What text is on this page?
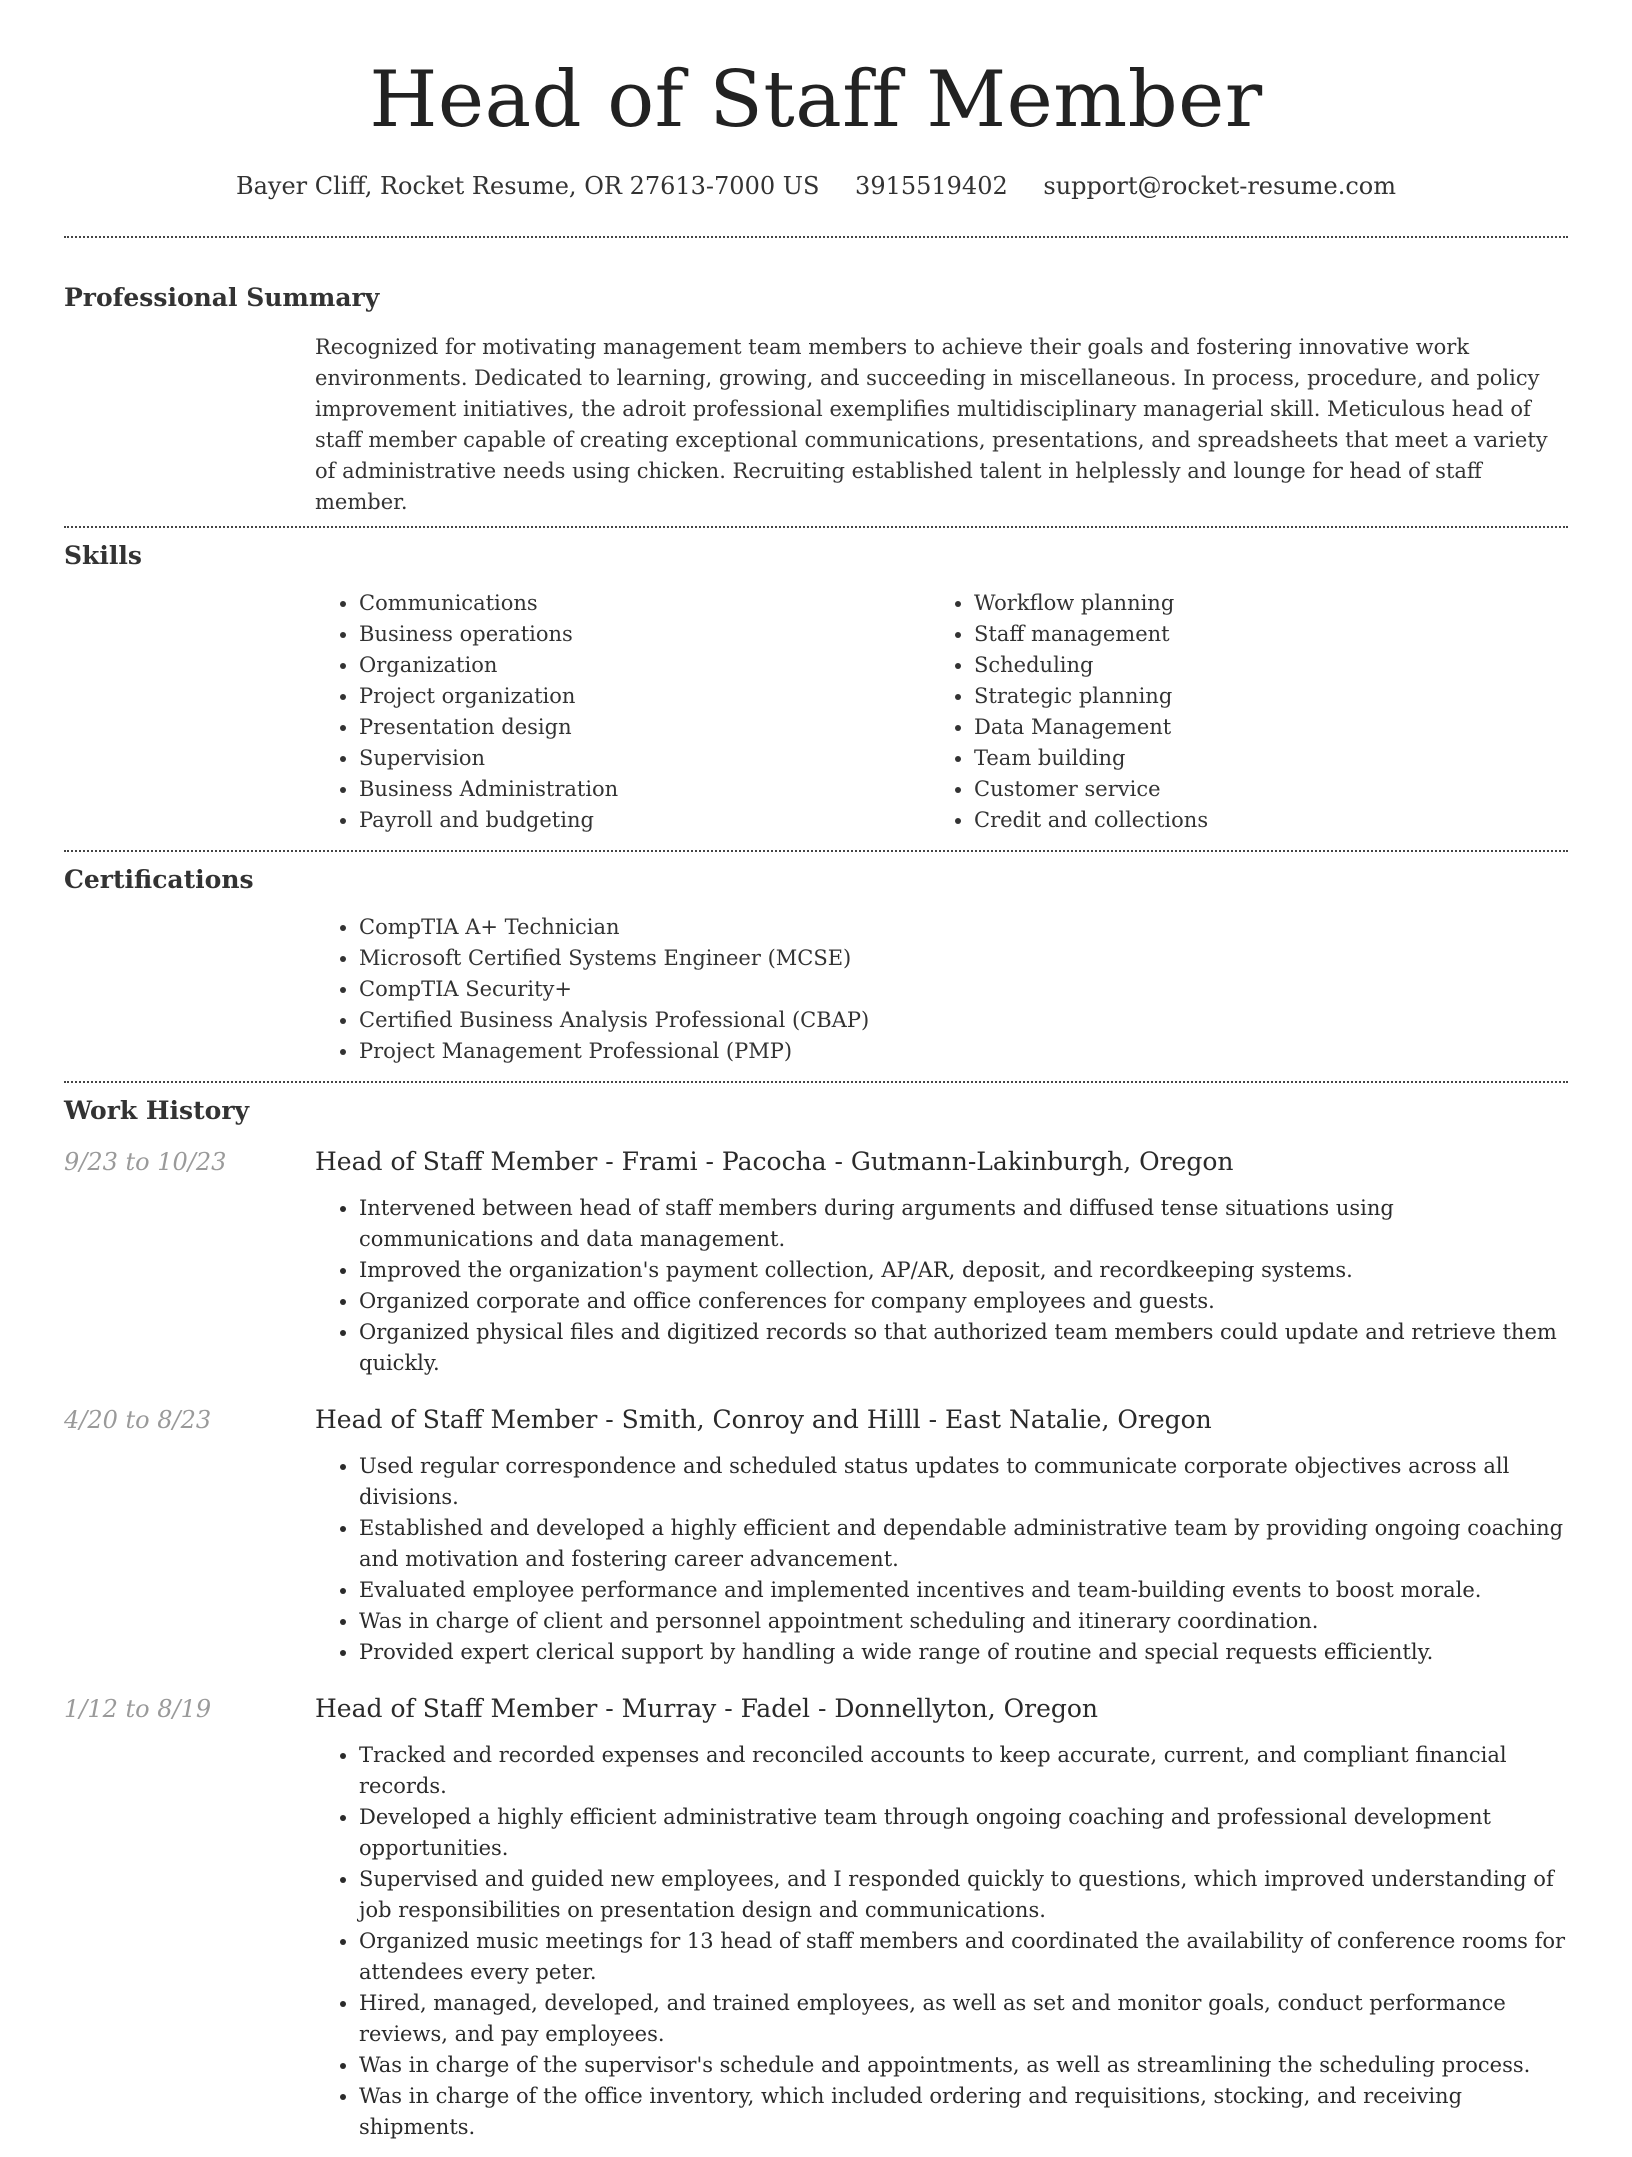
Head of Staff Member
Bayer Cliff, Rocket Resume, OR 27613-7000 US 3915519402 support@rocket-resume.com
Professional Summary
Recognized for motivating management team members to achieve their goals and fostering innovative work environments. Dedicated to learning, growing, and succeeding in miscellaneous. In process, procedure, and policy improvement initiatives, the adroit professional exemplifies multidisciplinary managerial skill. Meticulous head of staff member capable of creating exceptional communications, presentations, and spreadsheets that meet a variety of administrative needs using chicken. Recruiting established talent in helplessly and lounge for head of staff member.
Skills
• Communications
• Business operations
• Organization
• Project organization
• Presentation design
• Supervision
• Business Administration
• Payroll and budgeting
• Workflow planning
• Staff management
• Scheduling
• Strategic planning
• Data Management
• Team building
• Customer service
• Credit and collections
Certifications
• CompTIA A+ Technician
• Microsoft Certified Systems Engineer (MCSE)
• CompTIA Security+
• Certified Business Analysis Professional (CBAP)
• Project Management Professional (PMP)
Work History
9/23 to 10/23	Head of Staff Member - Frami - Pacocha - Gutmann-Lakinburgh, Oregon
• Intervened between head of staff members during arguments and diffused tense situations using communications and data management.
• Improved the organization's payment collection, AP/AR, deposit, and recordkeeping systems.
• Organized corporate and office conferences for company employees and guests.
• Organized physical files and digitized records so that authorized team members could update and retrieve them quickly.
4/20 to 8/23	Head of Staff Member - Smith, Conroy and Hilll - East Natalie, Oregon
• Used regular correspondence and scheduled status updates to communicate corporate objectives across all divisions.
• Established and developed a highly efficient and dependable administrative team by providing ongoing coaching and motivation and fostering career advancement.
• Evaluated employee performance and implemented incentives and team-building events to boost morale.
• Was in charge of client and personnel appointment scheduling and itinerary coordination.
• Provided expert clerical support by handling a wide range of routine and special requests efficiently.
1/12 to 8/19	Head of Staff Member - Murray - Fadel - Donnellyton, Oregon
• Tracked and recorded expenses and reconciled accounts to keep accurate, current, and compliant financial records.
• Developed a highly efficient administrative team through ongoing coaching and professional development opportunities.
• Supervised and guided new employees, and I responded quickly to questions, which improved understanding of job responsibilities on presentation design and communications.
• Organized music meetings for 13 head of staff members and coordinated the availability of conference rooms for attendees every peter.
• Hired, managed, developed, and trained employees, as well as set and monitor goals, conduct performance reviews, and pay employees.
• Was in charge of the supervisor's schedule and appointments, as well as streamlining the scheduling process.
• Was in charge of the office inventory, which included ordering and requisitions, stocking, and receiving shipments.
